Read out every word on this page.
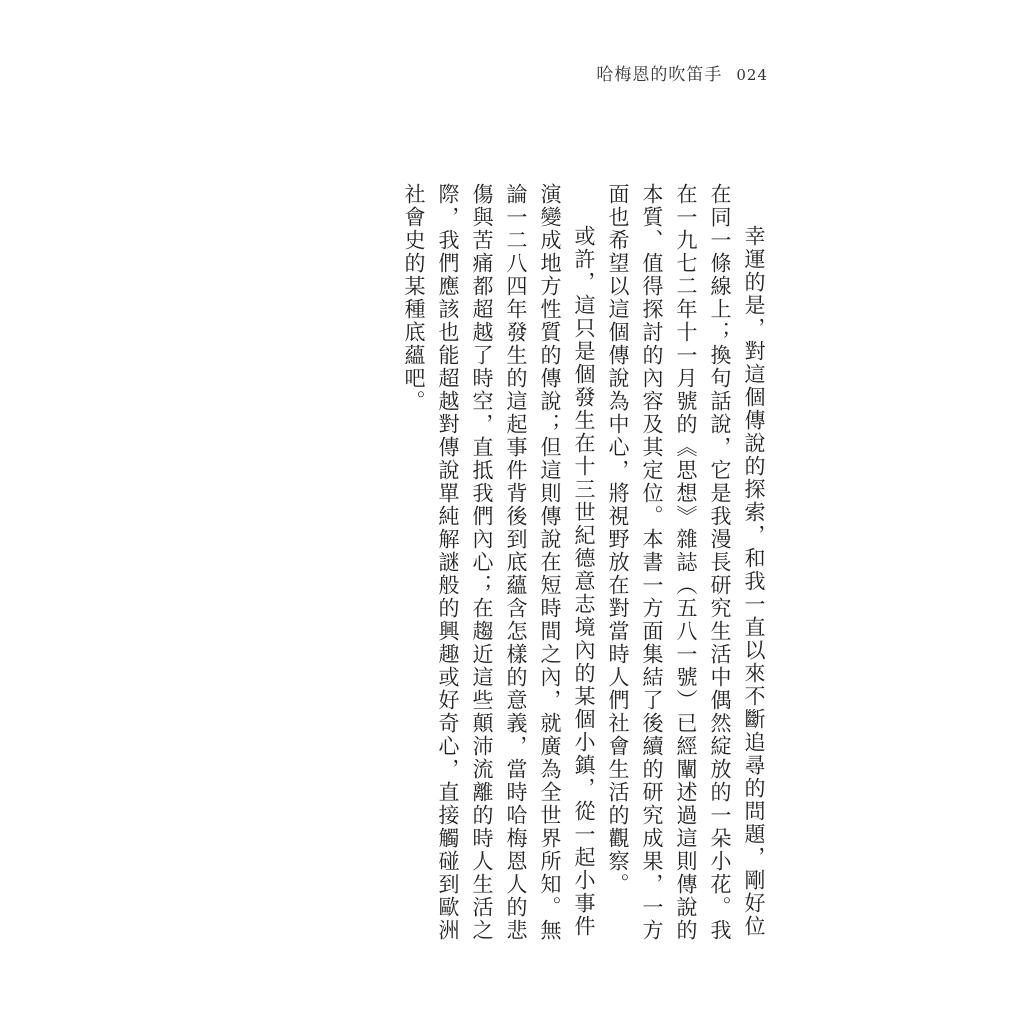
哈梅恩的吹笛手 024

幸運的是，對這個傳說的探索，和我一直以來不斷追尋的問題，剛好位在同一條線上；換句話說，它是我漫長研究生活中偶然綻放的一朵小花。我在一九七二年十一月號的《思想》雜誌（五八一號）已經闡述過這則傳說的本質、值得探討的內容及其定位。本書一方面集結了後續的研究成果，一方面也希望以這個傳說為中心，將視野放在對當時人們社會生活的觀察。

或許，這只是個發生在十三世紀德意志境內的某個小鎮，從一起小事件演變成地方性質的傳說；但這則傳說在短時間之內，就廣為全世界所知。無論一二八四年發生的這起事件背後到底蘊含怎樣的意義，當時哈梅恩人的悲傷與苦痛都超越了時空，直抵我們內心；在趨近這些顛沛流離的時人生活之際，我們應該也能超越對傳說單純解謎般的興趣或好奇心，直接觸碰到歐洲社會史的某種底蘊吧。
